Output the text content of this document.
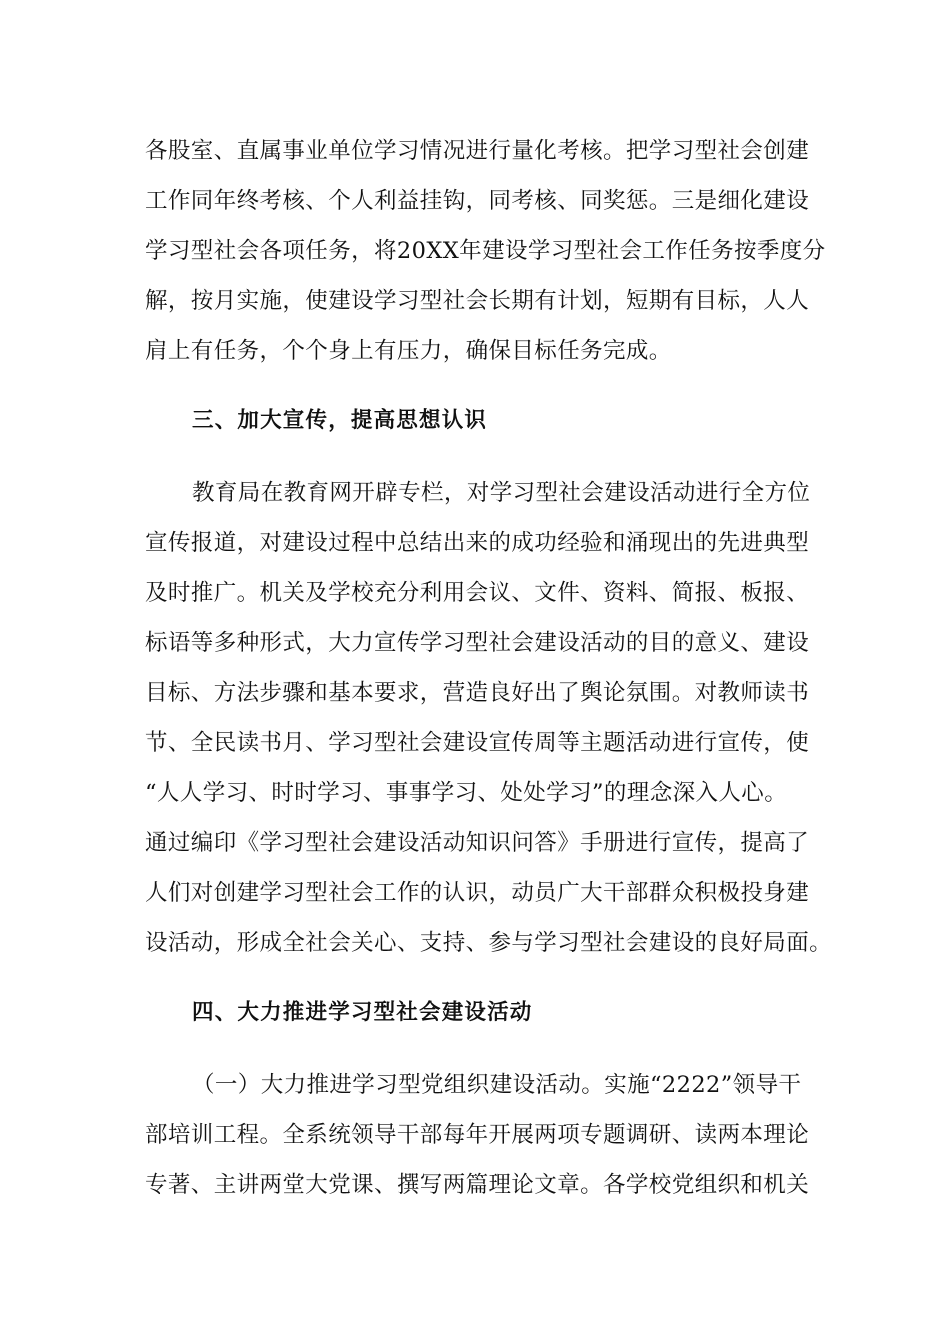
各股室、直属事业单位学习情况进行量化考核。把学习型社会创建
工作同年终考核、个人利益挂钩，同考核、同奖惩。三是细化建设
学习型社会各项任务，将20XX年建设学习型社会工作任务按季度分
解，按月实施，使建设学习型社会长期有计划，短期有目标，人人
肩上有任务，个个身上有压力，确保目标任务完成。
三、加大宣传，提高思想认识
教育局在教育网开辟专栏，对学习型社会建设活动进行全方位
宣传报道，对建设过程中总结出来的成功经验和涌现出的先进典型
及时推广。机关及学校充分利用会议、文件、资料、简报、板报、
标语等多种形式，大力宣传学习型社会建设活动的目的意义、建设
目标、方法步骤和基本要求，营造良好出了舆论氛围。对教师读书
节、全民读书月、学习型社会建设宣传周等主题活动进行宣传，使
“人人学习、时时学习、事事学习、处处学习”的理念深入人心。
通过编印《学习型社会建设活动知识问答》手册进行宣传，提高了
人们对创建学习型社会工作的认识，动员广大干部群众积极投身建
设活动，形成全社会关心、支持、参与学习型社会建设的良好局面。
四、大力推进学习型社会建设活动
（一）大力推进学习型党组织建设活动。实施“2222”领导干
部培训工程。全系统领导干部每年开展两项专题调研、读两本理论
专著、主讲两堂大党课、撰写两篇理论文章。各学校党组织和机关
